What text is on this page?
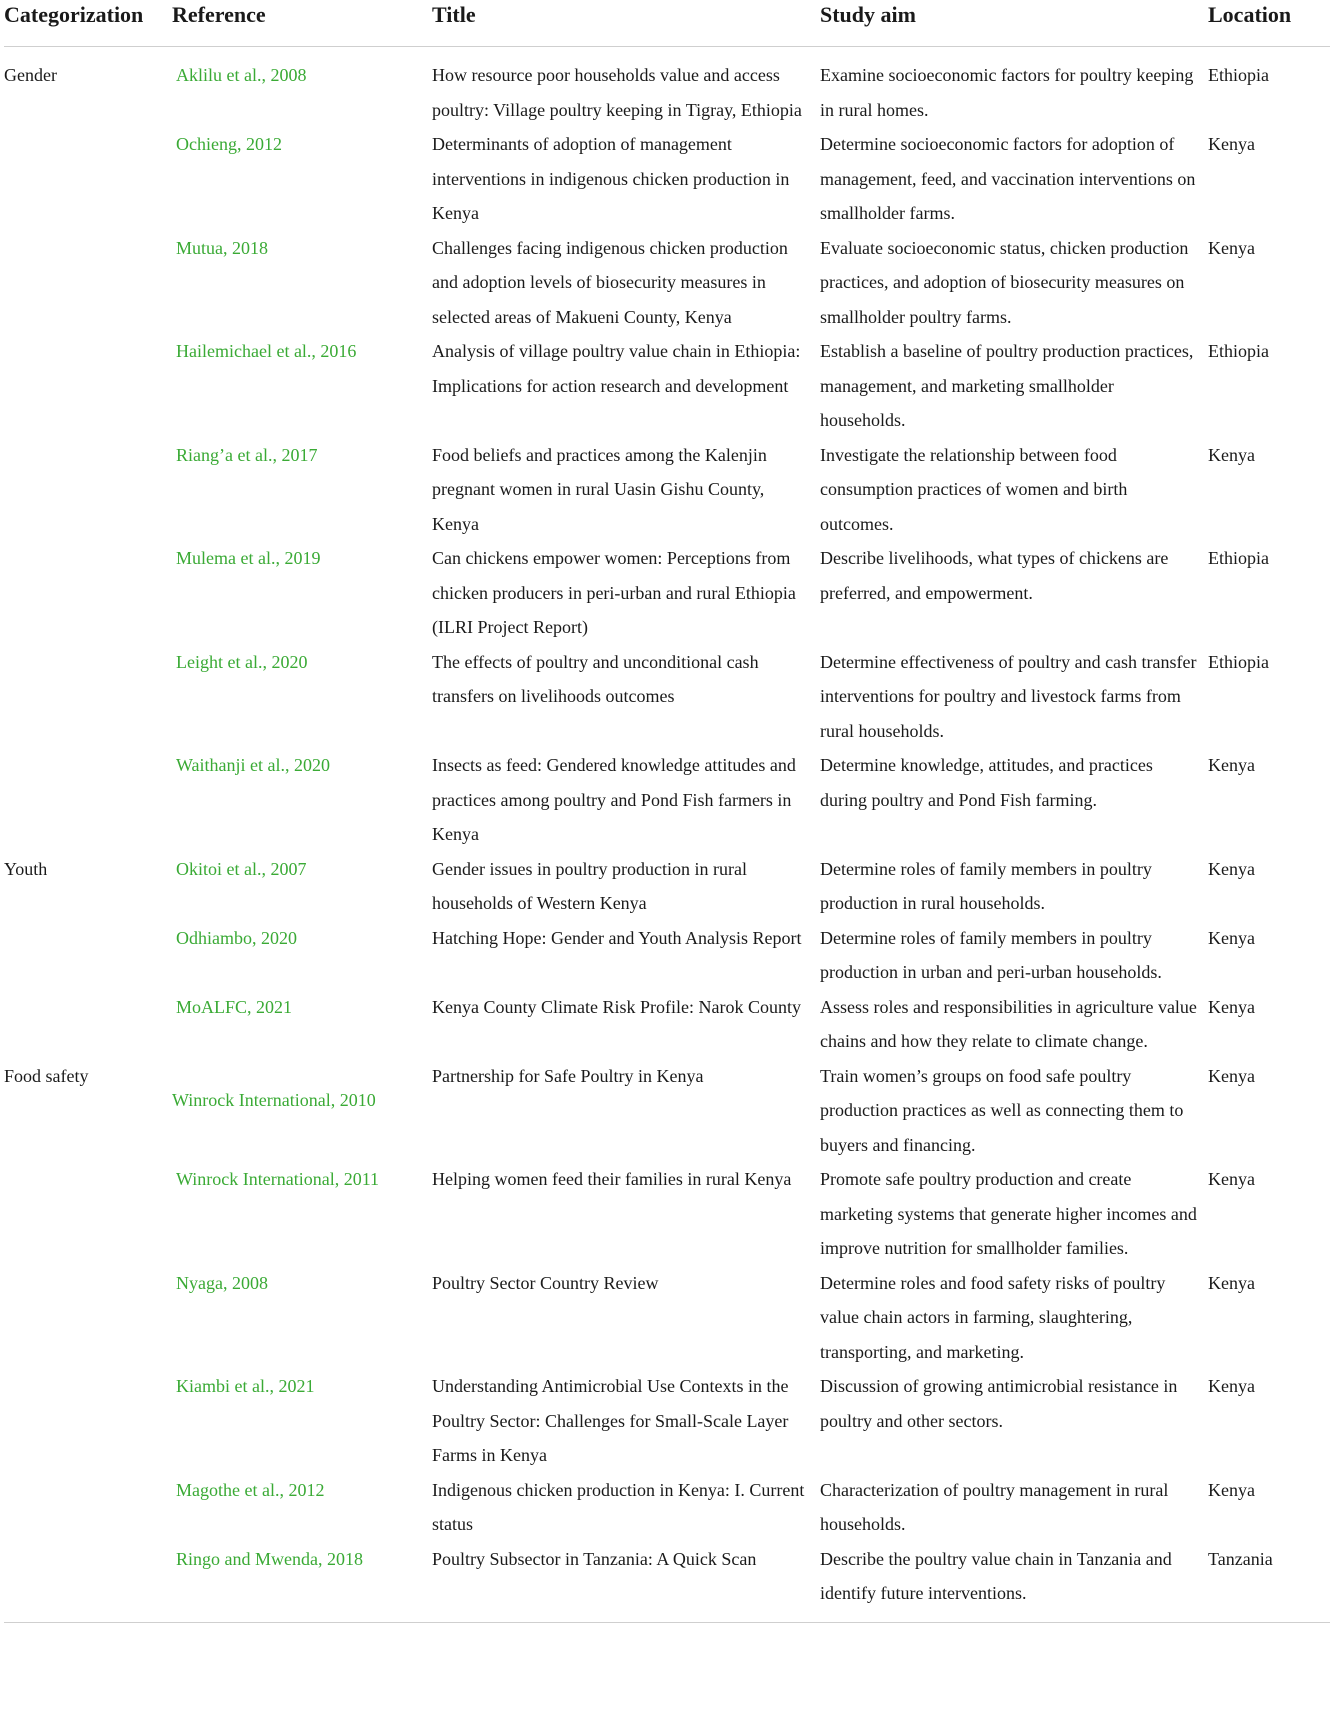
Categorization	Reference	Title	Study aim	Location
Gender	Aklilu et al., 2008	How resource poor households value and access poultry: Village poultry keeping in Tigray, Ethiopia	Examine socioeconomic factors for poultry keeping in rural homes.	Ethiopia
	Ochieng, 2012	Determinants of adoption of management interventions in indigenous chicken production in Kenya	Determine socioeconomic factors for adoption of management, feed, and vaccination interventions on smallholder farms.	Kenya
	Mutua, 2018	Challenges facing indigenous chicken production and adoption levels of biosecurity measures in selected areas of Makueni County, Kenya	Evaluate socioeconomic status, chicken production practices, and adoption of biosecurity measures on smallholder poultry farms.	Kenya
	Hailemichael et al., 2016	Analysis of village poultry value chain in Ethiopia: Implications for action research and development	Establish a baseline of poultry production practices, management, and marketing smallholder households.	Ethiopia
	Riang’a et al., 2017	Food beliefs and practices among the Kalenjin pregnant women in rural Uasin Gishu County, Kenya	Investigate the relationship between food consumption practices of women and birth outcomes.	Kenya
	Mulema et al., 2019	Can chickens empower women: Perceptions from chicken producers in peri-urban and rural Ethiopia (ILRI Project Report)	Describe livelihoods, what types of chickens are preferred, and empowerment.	Ethiopia
	Leight et al., 2020	The effects of poultry and unconditional cash transfers on livelihoods outcomes	Determine effectiveness of poultry and cash transfer interventions for poultry and livestock farms from rural households.	Ethiopia
	Waithanji et al., 2020	Insects as feed: Gendered knowledge attitudes and practices among poultry and Pond Fish farmers in Kenya	Determine knowledge, attitudes, and practices during poultry and Pond Fish farming.	Kenya
Youth	Okitoi et al., 2007	Gender issues in poultry production in rural households of Western Kenya	Determine roles of family members in poultry production in rural households.	Kenya
	Odhiambo, 2020	Hatching Hope: Gender and Youth Analysis Report	Determine roles of family members in poultry production in urban and peri-urban households.	Kenya
	MoALFC, 2021	Kenya County Climate Risk Profile: Narok County	Assess roles and responsibilities in agriculture value chains and how they relate to climate change.	Kenya
Food safety	Winrock International, 2010	Partnership for Safe Poultry in Kenya	Train women’s groups on food safe poultry production practices as well as connecting them to buyers and financing.	Kenya
	Winrock International, 2011	Helping women feed their families in rural Kenya	Promote safe poultry production and create marketing systems that generate higher incomes and improve nutrition for smallholder families.	Kenya
	Nyaga, 2008	Poultry Sector Country Review	Determine roles and food safety risks of poultry value chain actors in farming, slaughtering, transporting, and marketing.	Kenya
	Kiambi et al., 2021	Understanding Antimicrobial Use Contexts in the Poultry Sector: Challenges for Small-Scale Layer Farms in Kenya	Discussion of growing antimicrobial resistance in poultry and other sectors.	Kenya
	Magothe et al., 2012	Indigenous chicken production in Kenya: I. Current status	Characterization of poultry management in rural households.	Kenya
	Ringo and Mwenda, 2018	Poultry Subsector in Tanzania: A Quick Scan	Describe the poultry value chain in Tanzania and identify future interventions.	Tanzania
